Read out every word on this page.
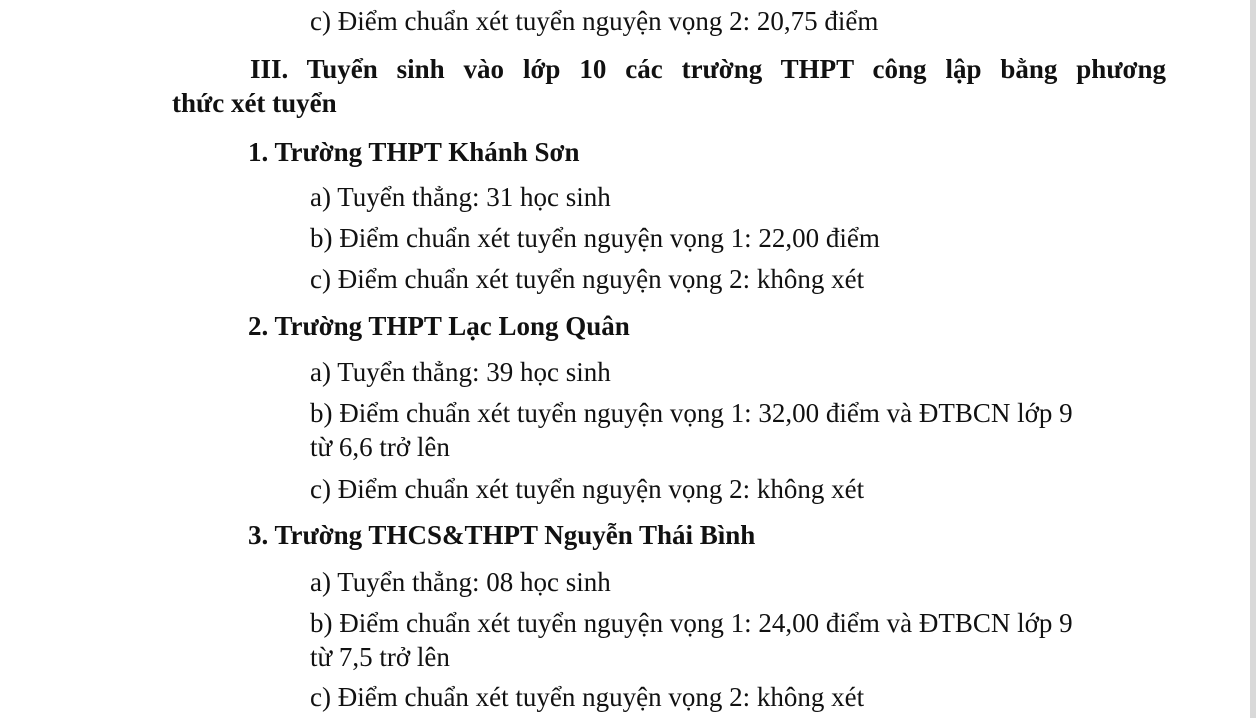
c) Điểm chuẩn xét tuyển nguyện vọng 2: 20,75 điểm
III. Tuyển sinh vào lớp 10 các trường THPT công lập bằng phương
thức xét tuyển
1. Trường THPT Khánh Sơn
a) Tuyển thẳng: 31 học sinh
b) Điểm chuẩn xét tuyển nguyện vọng 1: 22,00 điểm
c) Điểm chuẩn xét tuyển nguyện vọng 2: không xét
2. Trường THPT Lạc Long Quân
a) Tuyển thẳng: 39 học sinh
b) Điểm chuẩn xét tuyển nguyện vọng 1: 32,00 điểm và ĐTBCN lớp 9
từ 6,6 trở lên
c) Điểm chuẩn xét tuyển nguyện vọng 2: không xét
3. Trường THCS&THPT Nguyễn Thái Bình
a) Tuyển thẳng: 08 học sinh
b) Điểm chuẩn xét tuyển nguyện vọng 1: 24,00 điểm và ĐTBCN lớp 9
từ 7,5 trở lên
c) Điểm chuẩn xét tuyển nguyện vọng 2: không xét
